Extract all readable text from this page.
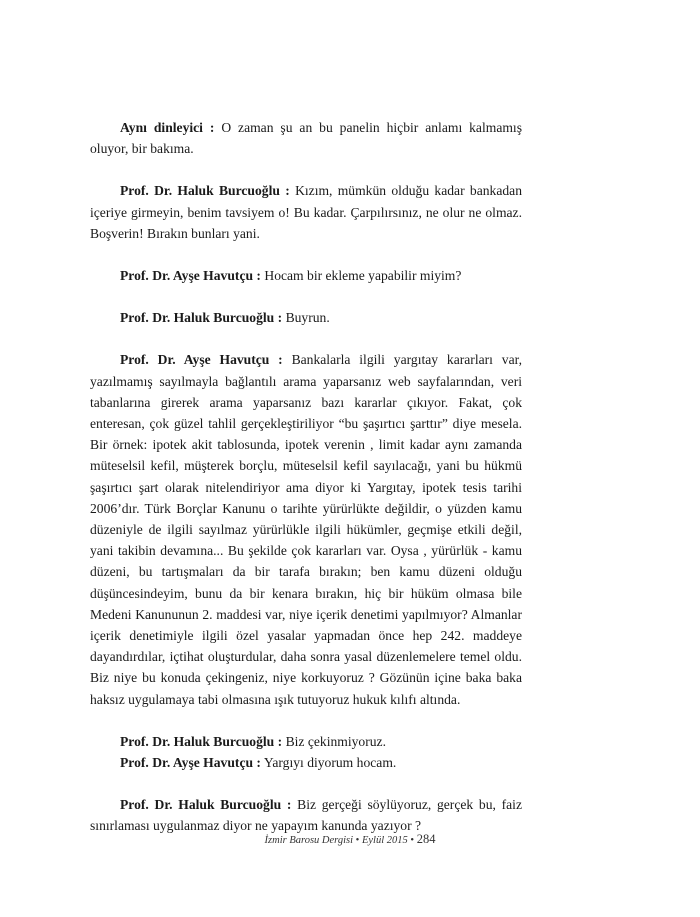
Aynı dinleyici : O zaman şu an bu panelin hiçbir anlamı kalmamış oluyor, bir bakıma.

Prof. Dr. Haluk Burcuoğlu : Kızım, mümkün olduğu kadar bankadan içeriye girmeyin, benim tavsiyem o! Bu kadar. Çarpılırsınız, ne olur ne olmaz. Boşverin! Bırakın bunları yani.

Prof. Dr. Ayşe Havutçu : Hocam bir ekleme yapabilir miyim?

Prof. Dr. Haluk Burcuoğlu : Buyrun.

Prof. Dr. Ayşe Havutçu : Bankalarla ilgili yargıtay kararları var, yazılmamış sayılmayla bağlantılı arama yaparsanız web sayfalarından, veri tabanlarına girerek arama yaparsanız bazı kararlar çıkıyor. Fakat, çok enteresan, çok güzel tahlil gerçekleştiriliyor “bu şaşırtıcı şarttır” diye mesela. Bir örnek: ipotek akit tablosunda, ipotek verenin , limit kadar aynı zamanda müteselsil kefil, müşterek borçlu, müteselsil kefil sayılacağı, yani bu hükmü şaşırtıcı şart olarak nitelendiriyor ama diyor ki Yargıtay, ipotek tesis tarihi 2006’dır. Türk Borçlar Kanunu o tarihte yürürlükte değildir, o yüzden kamu düzeniyle de ilgili sayılmaz yürürlükle ilgili hükümler, geçmişe etkili değil, yani takibin devamına... Bu şekilde çok kararları var. Oysa , yürürlük - kamu düzeni, bu tartışmaları da bir tarafa bırakın; ben kamu düzeni olduğu düşüncesindeyim, bunu da bir kenara bırakın, hiç bir hüküm olmasa bile Medeni Kanununun 2. maddesi var, niye içerik denetimi yapılmıyor? Almanlar içerik denetimiyle ilgili özel yasalar yapmadan önce hep 242. maddeye dayandırdılar, içtihat oluşturdular, daha sonra yasal düzenlemelere temel oldu. Biz niye bu konuda çekingeniz, niye korkuyoruz ? Gözünün içine baka baka haksız uygulamaya tabi olmasına ışık tutuyoruz hukuk kılıfı altında.

Prof. Dr. Haluk Burcuoğlu : Biz çekinmiyoruz.

Prof. Dr. Ayşe Havutçu : Yargıyı diyorum hocam.

Prof. Dr. Haluk Burcuoğlu : Biz gerçeği söylüyoruz, gerçek bu, faiz sınırlaması uygulanmaz diyor ne yapayım kanunda yazıyor ?

İzmir Barosu Dergisi • Eylül 2015 • 284
